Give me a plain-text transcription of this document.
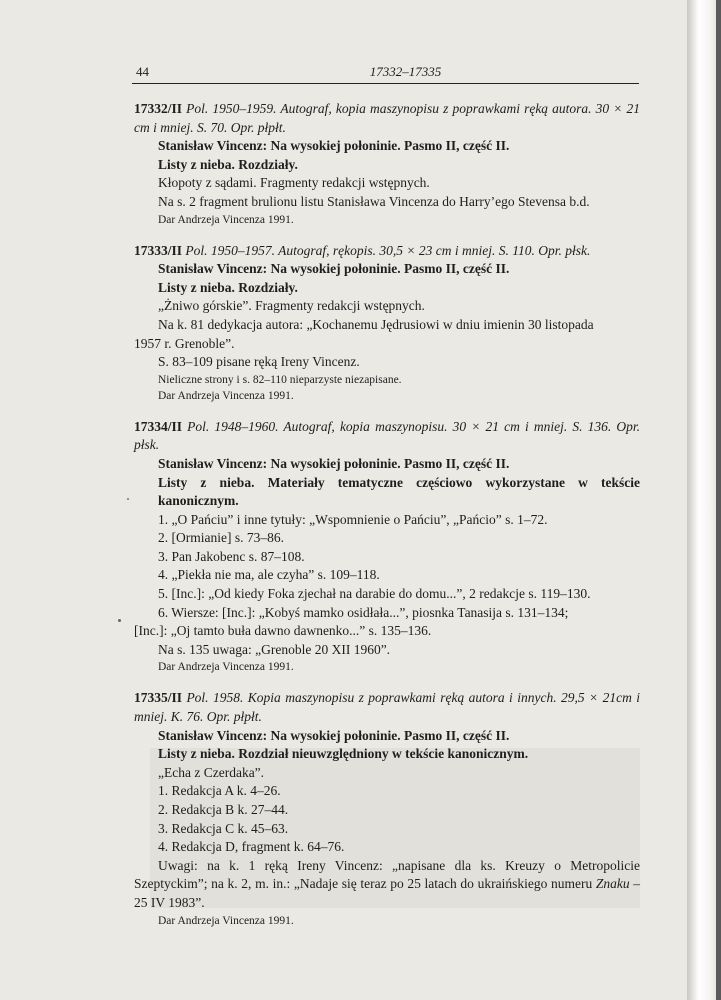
44	17332–17335

17332/II Pol. 1950–1959. Autograf, kopia maszynopisu z poprawkami ręką autora. 30 × 21 cm i mniej. S. 70. Opr. płpłt.

Stanisław Vincenz: Na wysokiej połoninie. Pasmo II, część II.

Listy z nieba. Rozdziały.

Kłopoty z sądami. Fragmenty redakcji wstępnych.

Na s. 2 fragment brulionu listu Stanisława Vincenza do Harry’ego Stevensa b.d.

Dar Andrzeja Vincenza 1991.

17333/II Pol. 1950–1957. Autograf, rękopis. 30,5 × 23 cm i mniej. S. 110. Opr. płsk.

Stanisław Vincenz: Na wysokiej połoninie. Pasmo II, część II.

Listy z nieba. Rozdziały.

„Żniwo górskie”. Fragmenty redakcji wstępnych.

Na k. 81 dedykacja autora: „Kochanemu Jędrusiowi w dniu imienin 30 listopada

1957 r. Grenoble”.

S. 83–109 pisane ręką Ireny Vincenz.

Nieliczne strony i s. 82–110 nieparzyste niezapisane.

Dar Andrzeja Vincenza 1991.

17334/II Pol. 1948–1960. Autograf, kopia maszynopisu. 30 × 21 cm i mniej. S. 136. Opr. płsk.

Stanisław Vincenz: Na wysokiej połoninie. Pasmo II, część II.

Listy z nieba. Materiały tematyczne częściowo wykorzystane w tekście kanonicznym.

1. „O Pańciu” i inne tytuły: „Wspomnienie o Pańciu”, „Pańcio” s. 1–72.

2. [Ormianie] s. 73–86.

3. Pan Jakobenc s. 87–108.

4. „Piekła nie ma, ale czyha” s. 109–118.

5. [Inc.]: „Od kiedy Foka zjechał na darabie do domu...”, 2 redakcje s. 119–130.

6. Wiersze: [Inc.]: „Kobyś mamko osidłała...”, piosnka Tanasija s. 131–134;

[Inc.]: „Oj tamto buła dawno dawnenko...” s. 135–136.

Na s. 135 uwaga: „Grenoble 20 XII 1960”.

Dar Andrzeja Vincenza 1991.

17335/II Pol. 1958. Kopia maszynopisu z poprawkami ręką autora i innych. 29,5 × 21cm i mniej. K. 76. Opr. płpłt.

Stanisław Vincenz: Na wysokiej połoninie. Pasmo II, część II.

Listy z nieba. Rozdział nieuwzględniony w tekście kanonicznym.

„Echa z Czerdaka”.

1. Redakcja A k. 4–26.

2. Redakcja B k. 27–44.

3. Redakcja C k. 45–63.

4. Redakcja D, fragment k. 64–76.

Uwagi: na k. 1 ręką Ireny Vincenz: „napisane dla ks. Kreuzy o Metropolicie Szeptyckim”; na k. 2, m. in.: „Nadaje się teraz po 25 latach do ukraińskiego numeru Znaku – 25 IV 1983”.

Dar Andrzeja Vincenza 1991.
